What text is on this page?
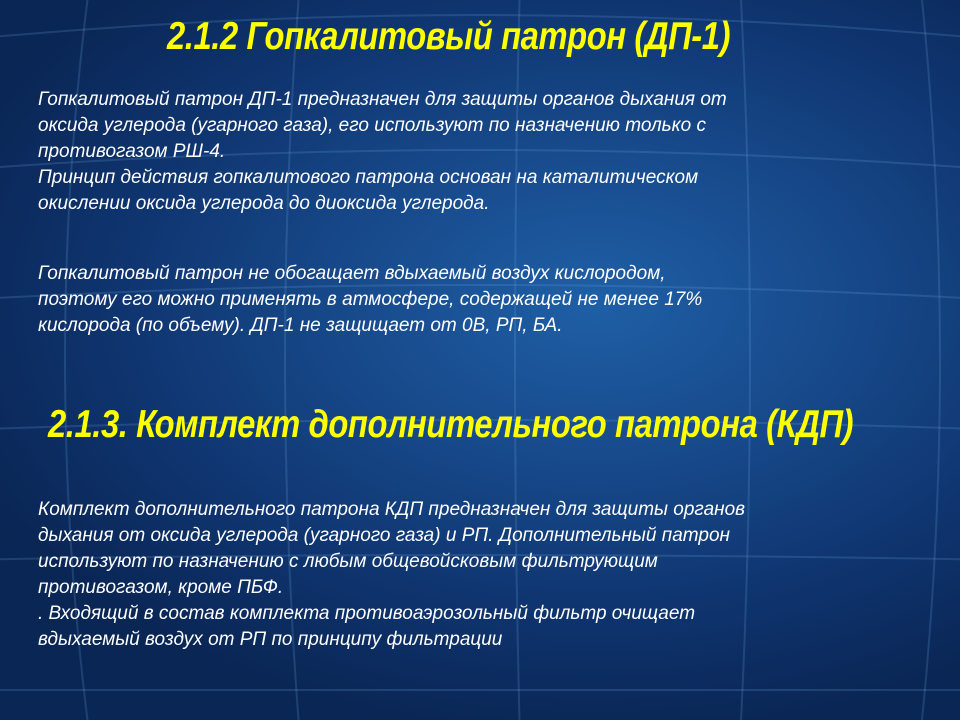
2.1.2 Гопкалитовый патрон (ДП-1)
Гопкалитовый патрон ДП-1 предназначен для защиты органов дыхания от
оксида углерода (угарного газа), его используют по назначению только с
противогазом РШ-4.
Принцип действия гопкалитового патрона основан на каталитическом
окислении оксида углерода до диоксида углерода.
Гопкалитовый патрон не обогащает вдыхаемый воздух кислородом,
поэтому его можно применять в атмосфере, содержащей не менее 17%
кислорода (по объему). ДП-1 не защищает от 0В, РП, БА.
2.1.3. Комплект дополнительного патрона (КДП)
Комплект дополнительного патрона КДП предназначен для защиты органов
дыхания от оксида углерода (угарного газа) и РП. Дополнительный патрон
используют по назначению с любым общевойсковым фильтрующим
противогазом, кроме ПБФ.
. Входящий в состав комплекта противоаэрозольный фильтр очищает
вдыхаемый воздух от РП по принципу фильтрации
